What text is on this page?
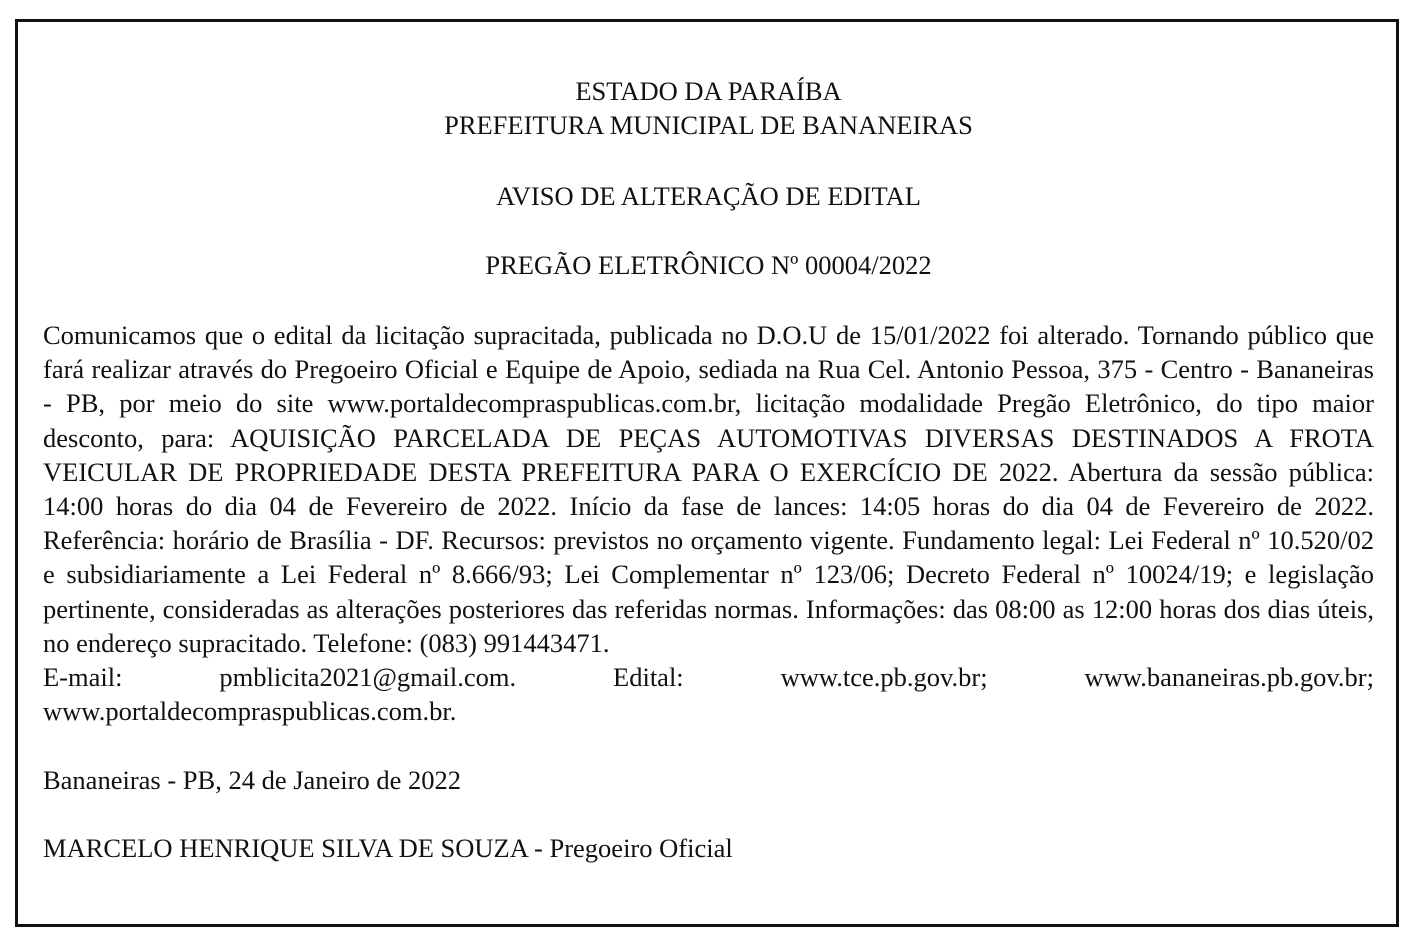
ESTADO DA PARAÍBA

PREFEITURA MUNICIPAL DE BANANEIRAS

AVISO DE ALTERAÇÃO DE EDITAL

PREGÃO ELETRÔNICO Nº 00004/2022

Comunicamos que o edital da licitação supracitada, publicada no D.O.U de 15/01/2022 foi alterado. Tornando público que fará realizar através do Pregoeiro Oficial e Equipe de Apoio, sediada na Rua Cel. Antonio Pessoa, 375 - Centro - Bananeiras - PB, por meio do site www.portaldecompraspublicas.com.br, licitação modalidade Pregão Eletrônico, do tipo maior desconto, para: AQUISIÇÃO PARCELADA DE PEÇAS AUTOMOTIVAS DIVERSAS DESTINADOS A FROTA VEICULAR DE PROPRIEDADE DESTA PREFEITURA PARA O EXERCÍCIO DE 2022. Abertura da sessão pública: 14:00 horas do dia 04 de Fevereiro de 2022. Início da fase de lances: 14:05 horas do dia 04 de Fevereiro de 2022. Referência: horário de Brasília - DF. Recursos: previstos no orçamento vigente. Fundamento legal: Lei Federal nº 10.520/02 e subsidiariamente a Lei Federal nº 8.666/93; Lei Complementar nº 123/06; Decreto Federal nº 10024/19; e legislação pertinente, consideradas as alterações posteriores das referidas normas. Informações: das 08:00 as 12:00 horas dos dias úteis, no endereço supracitado. Telefone: (083) 991443471.
E-mail:	pmblicita2021@gmail.com.	Edital:	www.tce.pb.gov.br;	www.bananeiras.pb.gov.br;
www.portaldecompraspublicas.com.br.

Bananeiras - PB, 24 de Janeiro de 2022

MARCELO HENRIQUE SILVA DE SOUZA - Pregoeiro Oficial
